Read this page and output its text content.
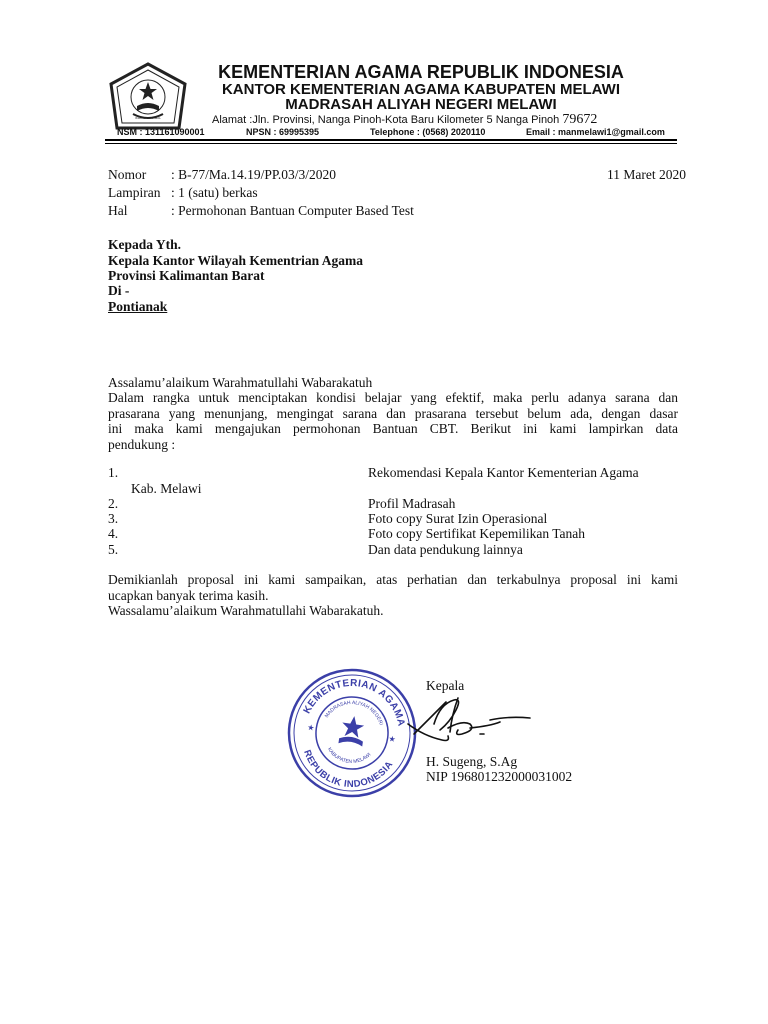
IKHLAS BERAMAL
KEMENTERIAN AGAMA REPUBLIK INDONESIA
KANTOR KEMENTERIAN AGAMA KABUPATEN MELAWI
MADRASAH ALIYAH NEGERI MELAWI
Alamat :Jln. Provinsi, Nanga Pinoh-Kota Baru Kilometer 5 Nanga Pinoh 79672
NSM : 131161090001	NPSN : 69995395	Telephone : (0568) 2020110	Email : manmelawi1@gmail.com
Nomor : B-77/Ma.14.19/PP.03/3/2020	11 Maret 2020
Lampiran : 1 (satu) berkas
Hal	: Permohonan Bantuan Computer Based Test
Kepada Yth.
Kepala Kantor Wilayah Kementrian Agama
Provinsi Kalimantan Barat
Di -
Pontianak
Assalamu’alaikum Warahmatullahi Wabarakatuh
Dalam rangka untuk menciptakan kondisi belajar yang efektif, maka perlu adanya sarana dan
prasarana yang menunjang, mengingat sarana dan prasarana tersebut belum ada, dengan dasar
ini maka kami mengajukan permohonan Bantuan CBT. Berikut ini kami lampirkan data
pendukung :
1.	Rekomendasi Kepala Kantor Kementerian Agama
Kab. Melawi
2.	Profil Madrasah
3.	Foto copy Surat Izin Operasional
4.	Foto copy Sertifikat Kepemilikan Tanah
5.	Dan data pendukung lainnya
Demikianlah proposal ini kami sampaikan, atas perhatian dan terkabulnya proposal ini kami
ucapkan banyak terima kasih.
Wassalamu’alaikum Warahmatullahi Wabarakatuh.
KEMENTERIAN AGAMA
REPUBLIK INDONESIA
MADRASAH ALIYAH NEGERI
KABUPATEN MELAWI
★
★
Kepala
H. Sugeng, S.Ag
NIP 196801232000031002
